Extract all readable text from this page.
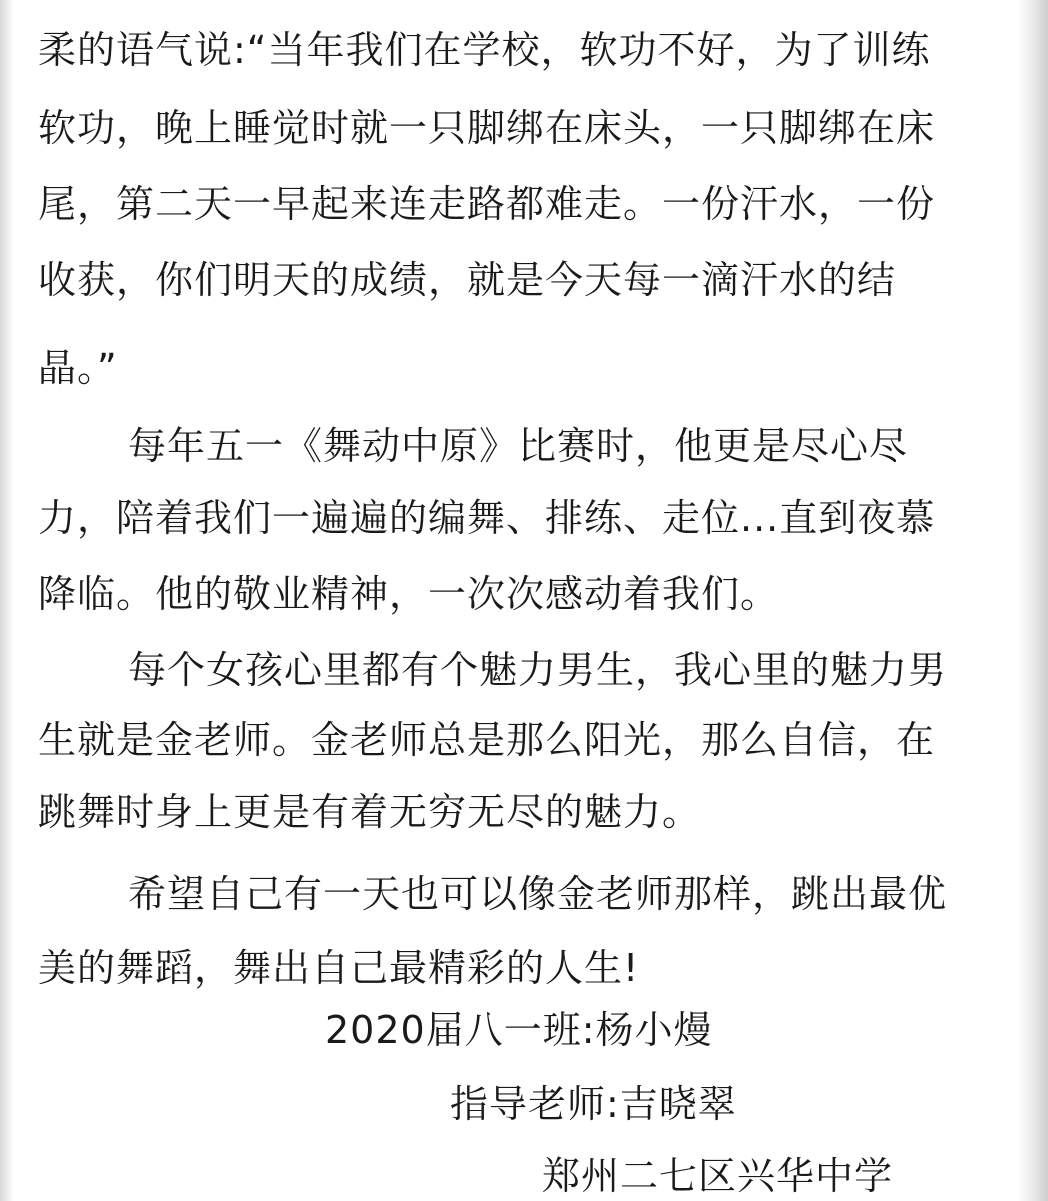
柔的语气说:“当年我们在学校，软功不好，为了训练
软功，晚上睡觉时就一只脚绑在床头，一只脚绑在床
尾，第二天一早起来连走路都难走。一份汗水，一份
收获，你们明天的成绩，就是今天每一滴汗水的结
晶。”
每年五一《舞动中原》比赛时，他更是尽心尽
力，陪着我们一遍遍的编舞、排练、走位...直到夜慕
降临。他的敬业精神，一次次感动着我们。
每个女孩心里都有个魅力男生，我心里的魅力男
生就是金老师。金老师总是那么阳光，那么自信，在
跳舞时身上更是有着无穷无尽的魅力。
希望自己有一天也可以像金老师那样，跳出最优
美的舞蹈，舞出自己最精彩的人生!
2020届八一班:杨小熳
指导老师:吉晓翠
郑州二七区兴华中学
